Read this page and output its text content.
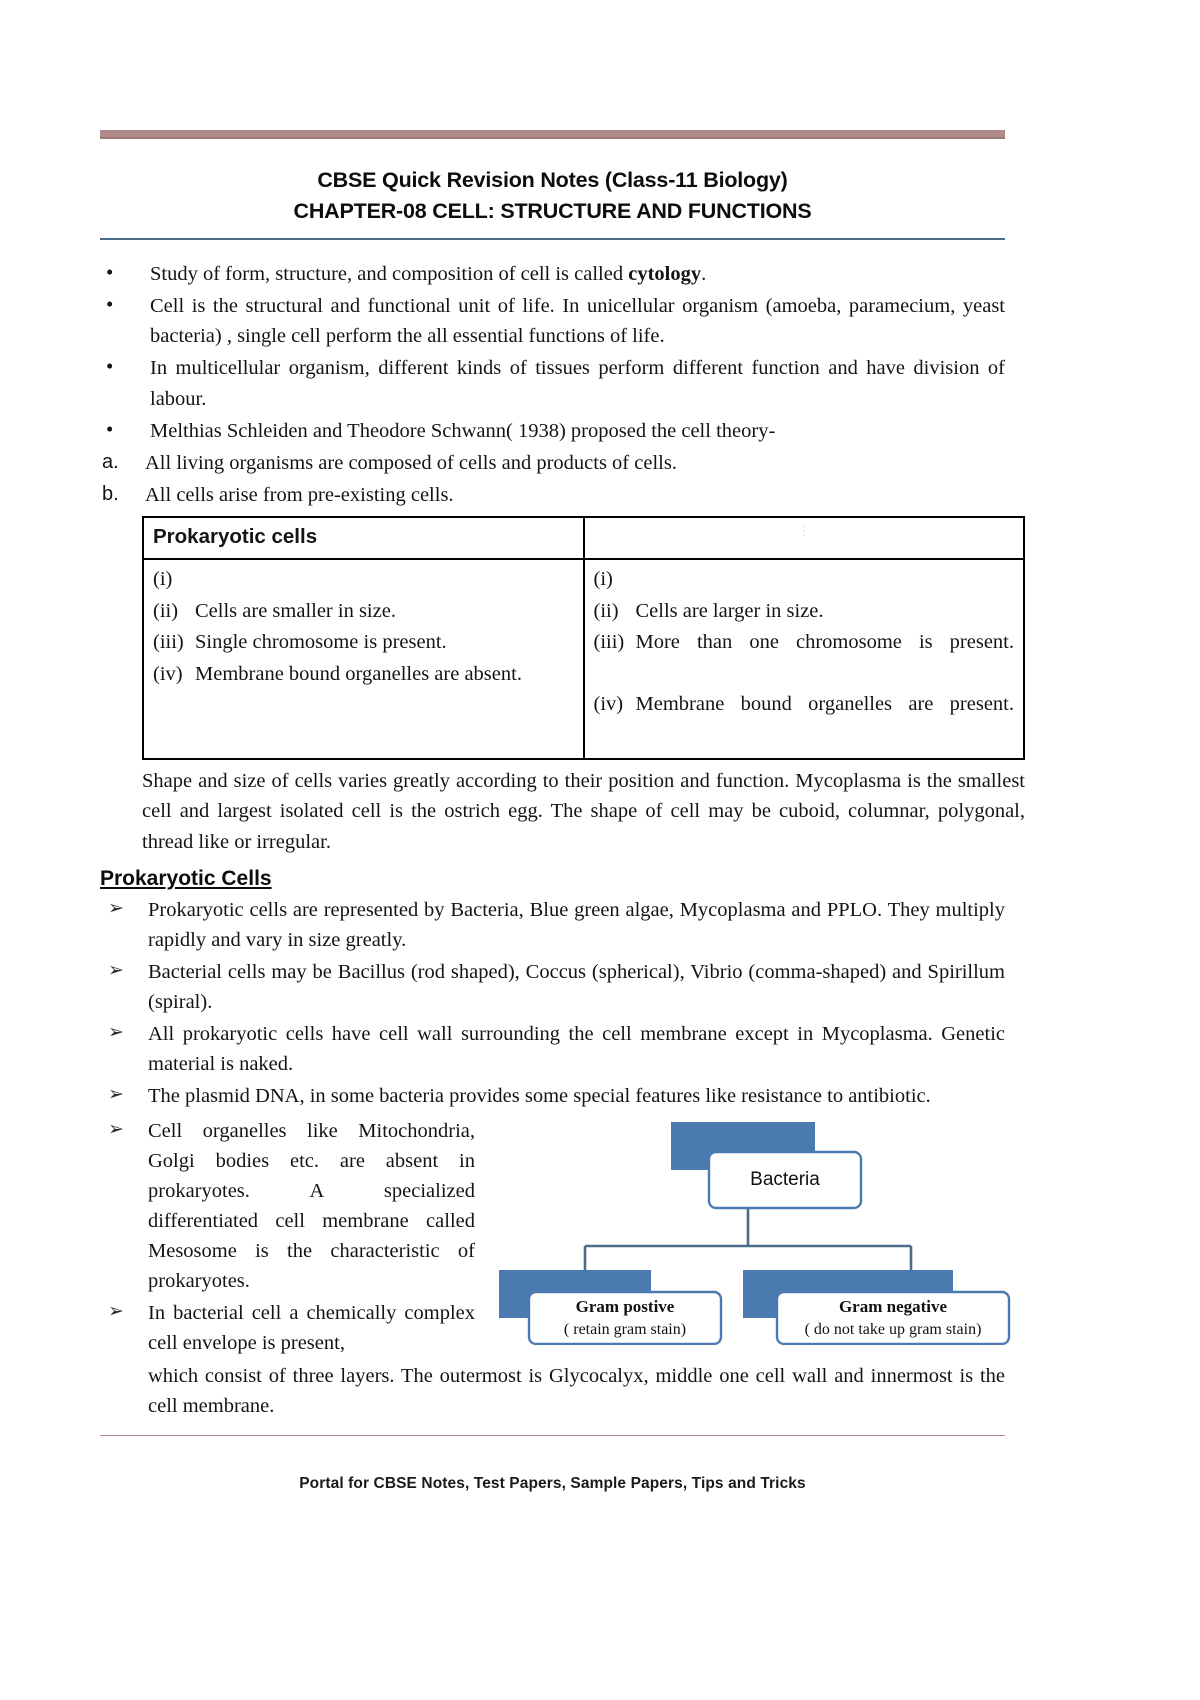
CBSE Quick Revision Notes (Class-11 Biology)
CHAPTER-08 CELL: STRUCTURE AND FUNCTIONS
• Study of form, structure, and composition of cell is called cytology.
• Cell is the structural and functional unit of life. In unicellular organism (amoeba, paramecium, yeast bacteria) , single cell perform the all essential functions of life.
• In multicellular organism, different kinds of tissues perform different function and have division of labour.
• Melthias Schleiden and Theodore Schwann( 1938) proposed the cell theory-
a. All living organisms are composed of cells and products of cells.
b. All cells arise from pre-existing cells.
Prokaryotic cells	⋮

(i)
(ii) Cells are smaller in size.
(iii) Single chromosome is present.
(iv) Membrane bound organelles are absent.

(i)
(ii) Cells are larger in size.
(iii) More than one chromosome is present.
(iv) Membrane bound organelles are present.
Shape and size of cells varies greatly according to their position and function. Mycoplasma is the smallest cell and largest isolated cell is the ostrich egg. The shape of cell may be cuboid, columnar, polygonal, thread like or irregular.
Prokaryotic Cells
➢ Prokaryotic cells are represented by Bacteria, Blue green algae, Mycoplasma and PPLO. They multiply rapidly and vary in size greatly.
➢ Bacterial cells may be Bacillus (rod shaped), Coccus (spherical), Vibrio (comma-shaped) and Spirillum (spiral).
➢ All prokaryotic cells have cell wall surrounding the cell membrane except in Mycoplasma. Genetic material is naked.
➢ The plasmid DNA, in some bacteria provides some special features like resistance to antibiotic.
Bacteria
Gram postive
( retain gram stain)
Gram negative
( do not take up gram stain)
➢ Cell organelles like Mitochondria, Golgi bodies etc. are absent in prokaryotes. A specialized differentiated cell membrane called Mesosome is the characteristic of prokaryotes.
➢ In bacterial cell a chemically complex cell envelope is present,
which consist of three layers. The outermost is Glycocalyx, middle one cell wall and innermost is the cell membrane.
Portal for CBSE Notes, Test Papers, Sample Papers, Tips and Tricks
